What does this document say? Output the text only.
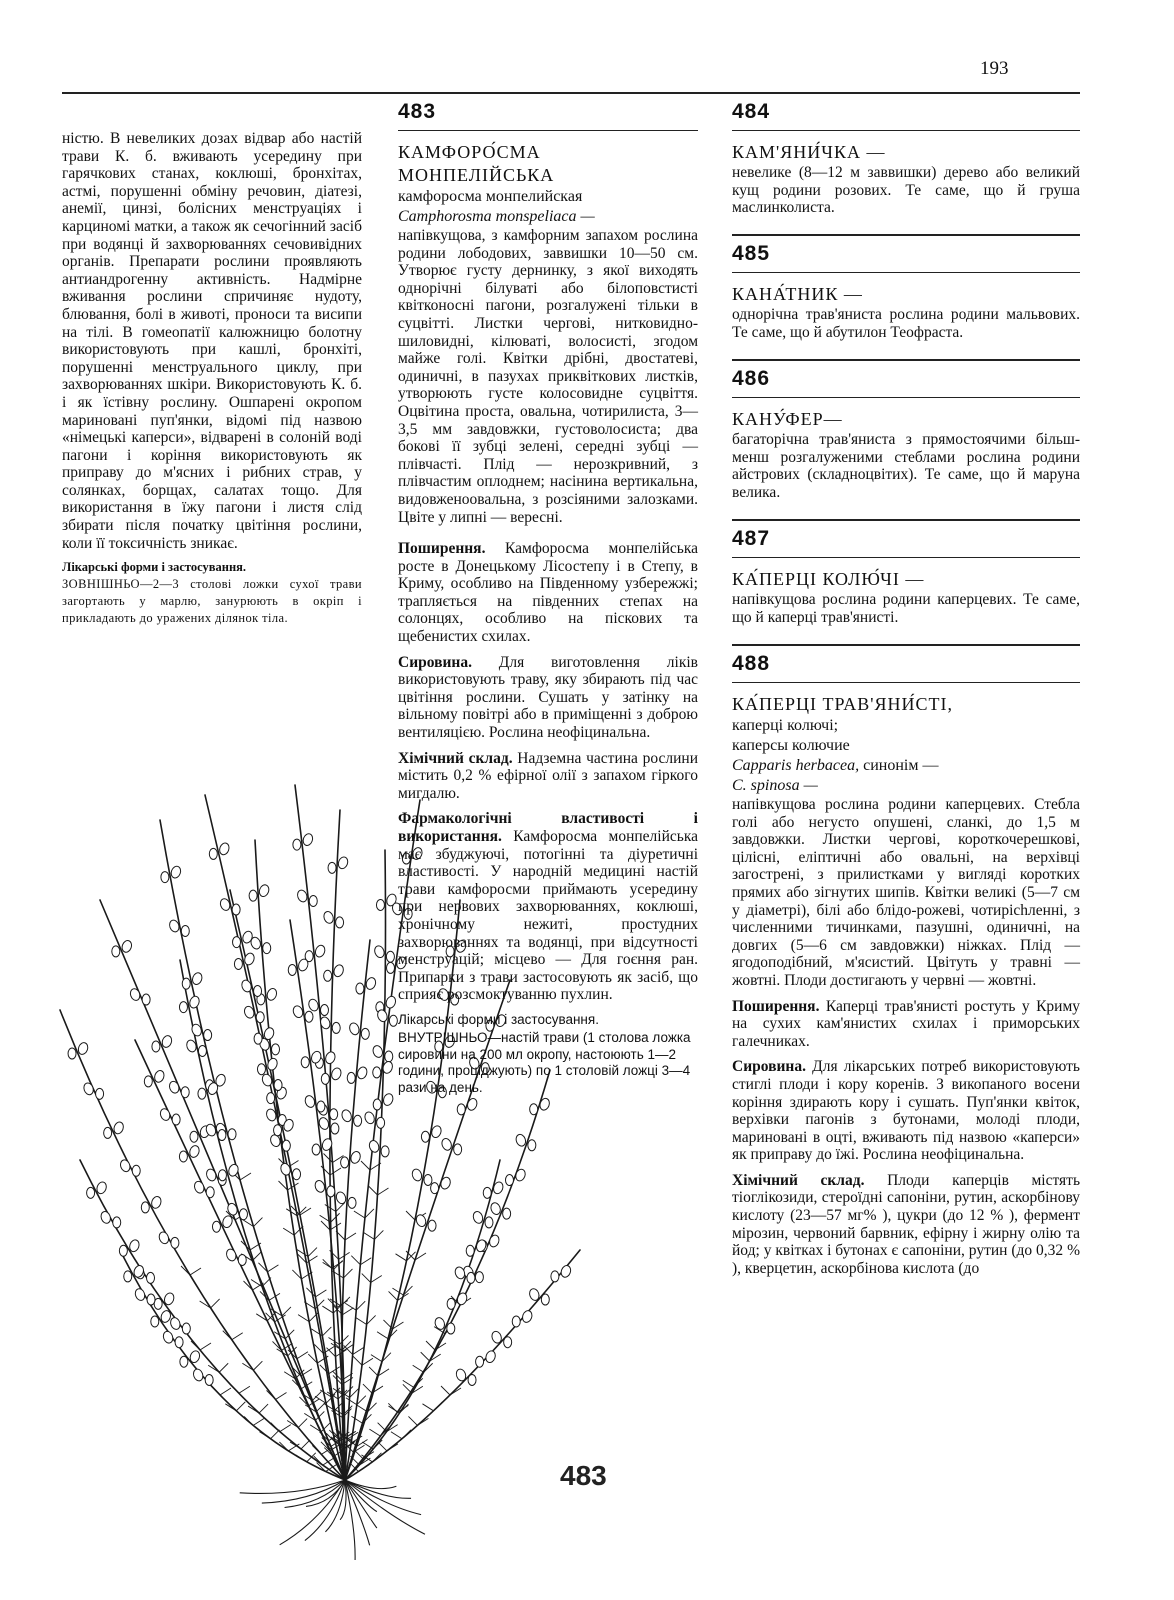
193

ністю. В невеликих дозах відвар або настій трави К. б. вживають усередину при гарячкових станах, коклюші, бронхітах, астмі, порушенні обміну речовин, діатезі, анемії, цинзі, болісних менструаціях і карциномі матки, а також як сечогінний засіб при водянці й захворюваннях сечовивідних органів. Препарати рослини проявляють антиандрогенну активність. Надмірне вживання рослини спричиняє нудоту, блювання, болі в животі, проноси та висипи на тілі. В гомеопатії калюжницю болотну використовують при кашлі, бронхіті, порушенні менструального циклу, при захворюваннях шкіри. Використовують К. б. і як їстівну рослину. Ошпарені окропом мариновані пуп'янки, відомі під назвою «німецькі каперси», відварені в солоній воді пагони і коріння використовують як приправу до м'ясних і рибних страв, у солянках, борщах, салатах тощо. Для використання в їжу пагони і листя слід збирати після початку цвітіння рослини, коли її токсичність зникає.

Лікарські форми і застосування.

ЗОВНІШНЬО—2—3 столові ложки сухої трави загортають у марлю, занурюють в окріп і прикладають до уражених ділянок тіла.

483
483
КАМФОРО́СМА
МОНПЕЛІЙСЬКА
камфоросма монпелийская
Camphorosma monspeliaca —

напівкущова, з камфорним запахом рослина родини лободових, заввишки 10—50 см. Утворює густу дернинку, з якої виходять однорічні білуваті або білоповстисті квітконосні пагони, розгалужені тільки в суцвітті. Листки чергові, нитковидно-шиловидні, кілюваті, волосисті, згодом майже голі. Квітки дрібні, двостатеві, одиничні, в пазухах приквіткових листків, утворюють густе колосовидне суцвіття. Оцвітина проста, овальна, чотирилиста, 3—3,5 мм завдовжки, густоволосиста; два бокові її зубці зелені, середні зубці — плівчасті. Плід — нерозкривний, з плівчастим оплоднем; насінина вертикальна, видовженоовальна, з розсіяними залозками. Цвіте у липні — вересні.

Поширення. Камфоросма монпелійська росте в Донецькому Лісостепу і в Степу, в Криму, особливо на Південному узбережжі; трапляється на південних степах на солонцях, особливо на піскових та щебенистих схилах.

Сировина. Для виготовлення ліків використовують траву, яку збирають під час цвітіння рослини. Сушать у затінку на вільному повітрі або в приміщенні з доброю вентиляцією. Рослина неофіцинальна.

Хімічний склад. Надземна частина рослини містить 0,2 % ефірної олії з запахом гіркого мигдалю.

Фармакологічні властивості і використання. Камфоросма монпелійська має збуджуючі, потогінні та діуретичні властивості. У народній медицині настій трави камфоросми приймають усередину при нервових захворюваннях, коклюші, хронічному нежиті, простудних захворюваннях та водянці, при відсутності менструацій; місцево — Для гоєння ран. Припарки з трави застосовують як засіб, що сприяє розсмоктуванню пухлин.

Лікарські форми і застосування.

ВНУТРІШНЬО—настій трави (1 столова ложка сировини на 200 мл окропу, настоюють 1—2 години, проціджують) по 1 столовій ложці 3—4 рази на день.

484
КАМ'ЯНИ́ЧКА —

невелике (8—12 м заввишки) дерево або великий кущ родини розових. Те саме, що й груша маслинколиста.

485
КАНА́ТНИК —

однорічна трав'яниста рослина родини мальвових. Те саме, що й абутилон Теофраста.

486
КАНУ́ФЕР—

багаторічна трав'яниста з прямостоячими більш-менш розгалуженими стеблами рослина родини айстрових (складноцвітих). Те саме, що й маруна велика.

487
КА́ПЕРЦІ КОЛЮ́ЧІ —

напівкущова рослина родини каперцевих. Те саме, що й каперці трав'янисті.

488
КА́ПЕРЦІ ТРАВ'ЯНИ́СТІ,
каперці колючі;
каперсы колючие
Capparis herbacea, синонім —
C. spinosa —

напівкущова рослина родини каперцевих. Стебла голі або негусто опушені, сланкі, до 1,5 м завдовжки. Листки чергові, короткочерешкові, цілісні, еліптичні або овальні, на верхівці загострені, з прилистками у вигляді коротких прямих або зігнутих шипів. Квітки великі (5—7 см у діаметрі), білі або блідо-рожеві, чотирichленні, з численними тичинками, пазушні, одиничні, на довгих (5—6 см завдовжки) ніжках. Плід — ягодоподібний, м'ясистий. Цвітуть у травні — жовтні. Плоди достигають у червні — жовтні.

Поширення. Каперці трав'янисті ростуть у Криму на сухих кам'янистих схилах і приморських галечниках.

Сировина. Для лікарських потреб використовують стиглі плоди і кору коренів. З викопаного восени коріння здирають кору і сушать. Пуп'янки квіток, верхівки пагонів з бутонами, молоді плоди, мариновані в оцті, вживають під назвою «каперси» як приправу до їжі. Рослина неофіцинальна.

Хімічний склад. Плоди каперців містять тіоглікозиди, стероїдні сапоніни, рутин, аскорбінову кислоту (23—57 мг% ), цукри (до 12 % ), фермент мірозин, червоний барвник, ефірну і жирну олію та йод; у квітках і бутонах є сапоніни, рутин (до 0,32 % ), кверцетин, аскорбінова кислота (до
